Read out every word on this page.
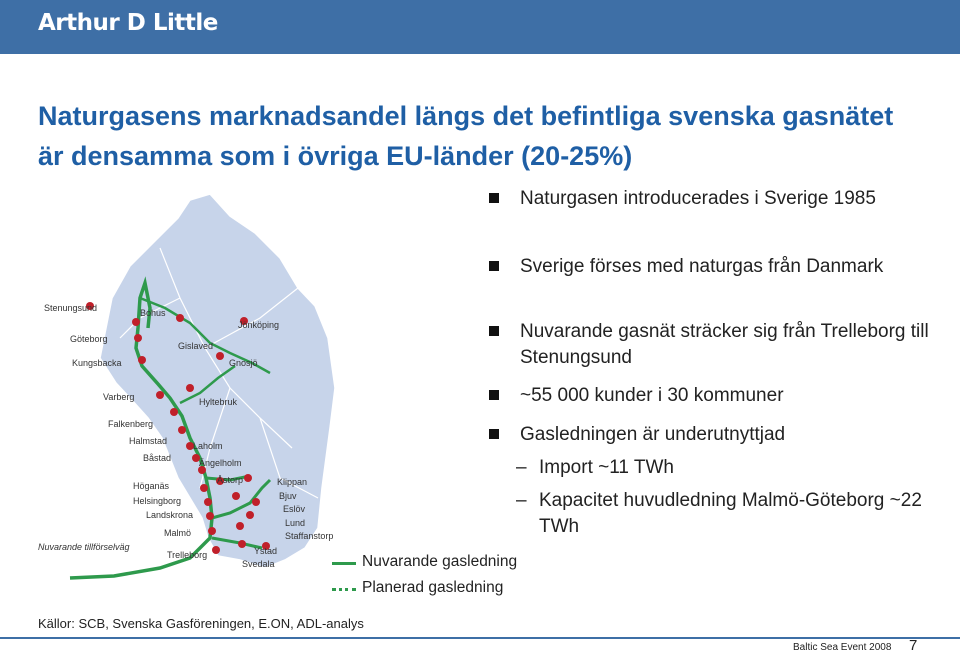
Arthur D Little
Naturgasens marknadsandel längs det befintliga svenska gasnätet är densamma som i övriga EU-länder (20-25%)
Stenungsund
Göteborg
Kungsbacka
Bohus
Gislaved
Jönköping
Gnosjö
Varberg	Hyltebruk
Falkenberg
Halmstad	Laholm
Båstad	Ängelholm
Åstorp	Klippan
Höganäs
Bjuv
Helsingborg
Eslöv
Landskrona
Lund
Staffanstorp
Malmö
Ystad
Trelleborg
Svedala
Nuvarande tillförselväg
Nuvarande gasledning
Planerad gasledning
Naturgasen introducerades i Sverige 1985
Sverige förses med naturgas från Danmark
Nuvarande gasnät sträcker sig från Trelleborg till Stenungsund
~55 000 kunder i 30 kommuner
Gasledningen är underutnyttjad
– Import ~11 TWh
– Kapacitet huvudledning Malmö-Göteborg ~22 TWh
Källor: SCB, Svenska Gasföreningen, E.ON, ADL-analys
Baltic Sea Event 2008 7
